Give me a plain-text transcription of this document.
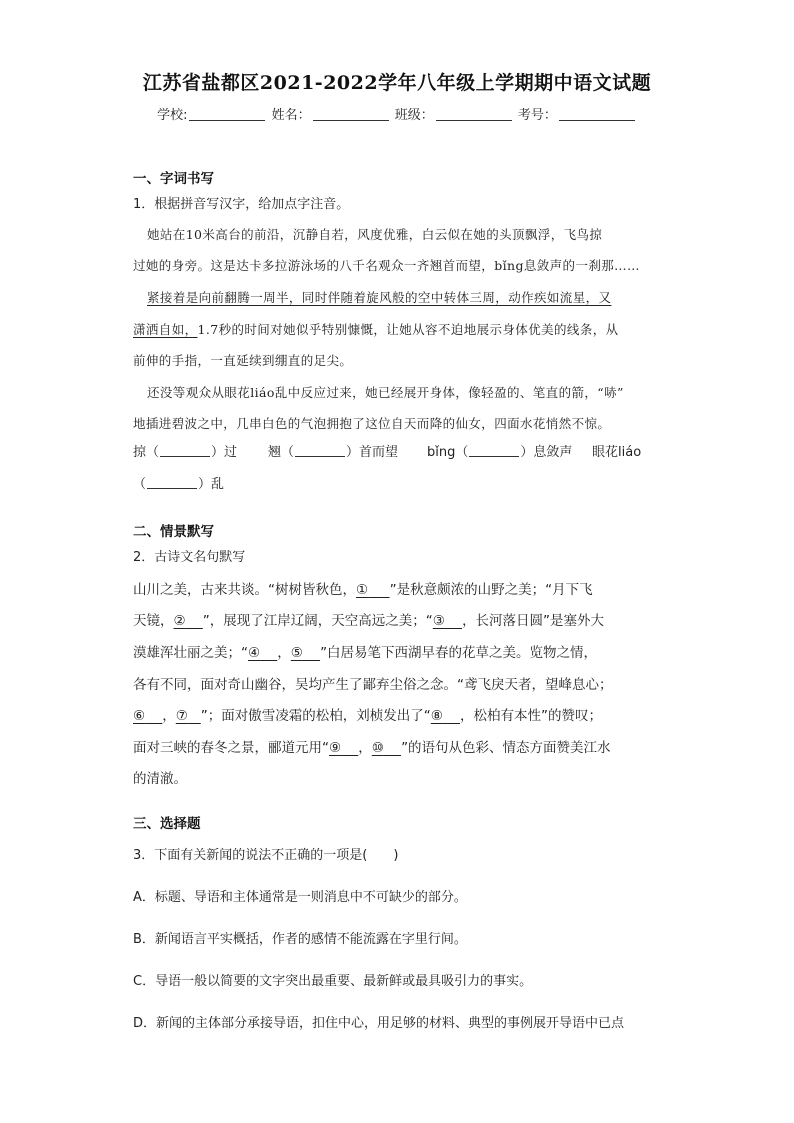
江苏省盐都区2021-2022学年八年级上学期期中语文试题
学校:	姓名：	班级：	考号：
一、字词书写
1．根据拼音写汉字，给加点字注音。
她站在10米高台的前沿，沉静自若，风度优雅，白云似在她的头顶飘浮，飞鸟掠
过她的身旁。这是达卡多拉游泳场的八千名观众一齐翘首而望，bǐng息敛声的一刹那……
紧接着是向前翻腾一周半，同时伴随着旋风般的空中转体三周，动作疾如流星，又
潇洒自如，1.7秒的时间对她似乎特别慷慨，让她从容不迫地展示身体优美的线条，从
前伸的手指，一直延续到绷直的足尖。
还没等观众从眼花liáo乱中反应过来，她已经展开身体，像轻盈的、笔直的箭，“哧”
地插进碧波之中，几串白色的气泡拥抱了这位自天而降的仙女，四面水花悄然不惊。
掠（	）过 翘（	）首而望 bǐng（	）息敛声 眼花liáo
（	）乱
二、情景默写
2．古诗文名句默写
山川之美，古来共谈。“树树皆秋色，① ”是秋意颇浓的山野之美；“月下飞
天镜，② ”，展现了江岸辽阔，天空高远之美；“③ ，长河落日圆”是塞外大
漠雄浑壮丽之美；“④ ，⑤ ”白居易笔下西湖早春的花草之美。览物之情，
各有不同，面对奇山幽谷，吴均产生了鄙弃尘俗之念。“鸢飞戾天者，望峰息心；
⑥ ，⑦ ”；面对傲雪凌霜的松柏，刘桢发出了“⑧ ，松柏有本性”的赞叹；
面对三峡的春冬之景，郦道元用“⑨ ，⑩ ”的语句从色彩、情态方面赞美江水
的清澈。
三、选择题
3．下面有关新闻的说法不正确的一项是(　　)
A．标题、导语和主体通常是一则消息中不可缺少的部分。
B．新闻语言平实概括，作者的感情不能流露在字里行间。
C．导语一般以简要的文字突出最重要、最新鲜或最具吸引力的事实。
D．新闻的主体部分承接导语，扣住中心，用足够的材料、典型的事例展开导语中已点
